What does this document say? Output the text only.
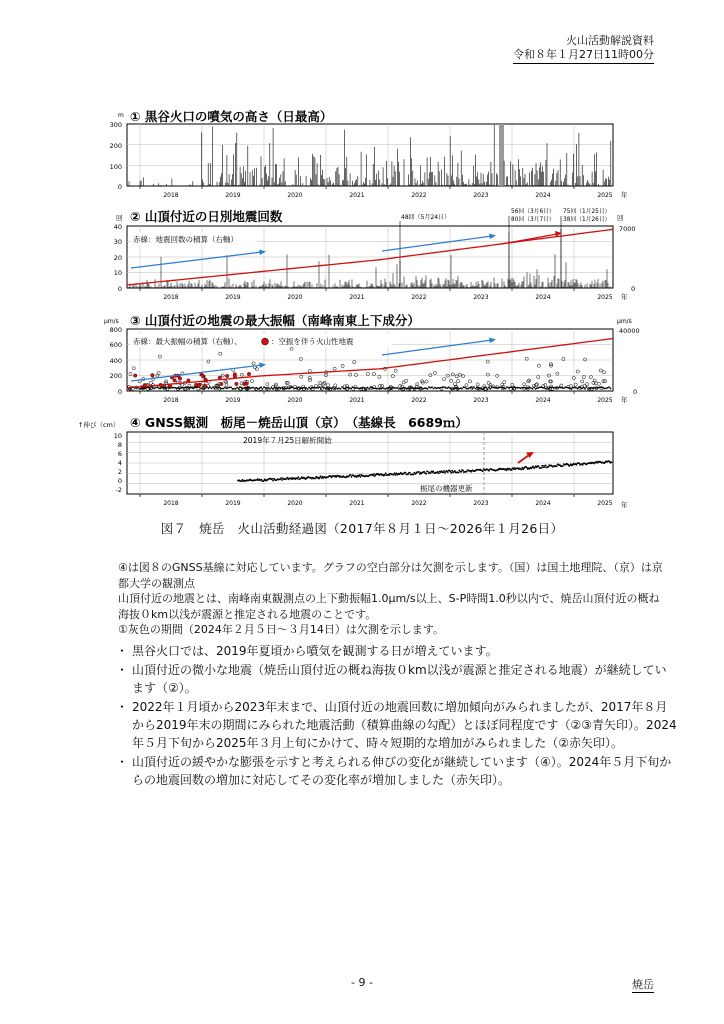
火山活動解説資料
令和８年１月27日11時00分
m ① 黒谷火口の噴気の高さ（日最高）
300
200
100
0
2018	2019	2020	2021	2022	2023	2024	2025 年
回 ② 山頂付近の日別地震回数	回
48回（5月24日）
56回（3月6日）
80回（3月7日）
75回（1月25日）
38回（1月26日）
赤線：地震回数の積算（右軸）
40
30
20
10
0
7000
0
2018	2019	2020	2021	2022	2023	2024	2025 年
μm/s ③ 山頂付近の地震の最大振幅（南峰南東上下成分）	μm/s
赤線：最大振幅の積算（右軸）、	：空振を伴う火山性地震
800
600
400
200
0
40000
0
2018	2019	2020	2021	2022	2023	2024	2025 年
↑伸び（cm） ④ GNSS観測　栃尾－焼岳山頂（京）　（基線長　6689ｍ）
2019年７月25日解析開始
栃尾の機器更新
10
8
6
4
2
0
-2
2018	2019	2020	2021	2022	2023	2024	2025 年
図７　焼岳　火山活動経過図（2017年８月１日～2026年１月26日）

④は図８のGNSS基線に対応しています。グラフの空白部分は欠測を示します。（国）は国土地理院、（京）は京都大学の観測点

山頂付近の地震とは、南峰南東観測点の上下動振幅1.0μm/s以上、S-P時間1.0秒以内で、焼岳山頂付近の概ね海抜０km以浅が震源と推定される地震のことです。

①灰色の期間（2024年２月５日～３月14日）は欠測を示します。

・ 黒谷火口では、2019年夏頃から噴気を観測する日が増えています。
・ 山頂付近の微小な地震（焼岳山頂付近の概ね海抜０km以浅が震源と推定される地震）が継続しています（②）。
・ 2022年１月頃から2023年末まで、山頂付近の地震回数に増加傾向がみられましたが、2017年８月から2019年末の期間にみられた地震活動（積算曲線の勾配）とほぼ同程度です（②③青矢印）。2024年５月下旬から2025年３月上旬にかけて、時々短期的な増加がみられました（②赤矢印）。
・ 山頂付近の緩やかな膨張を示すと考えられる伸びの変化が継続しています（④）。2024年５月下旬からの地震回数の増加に対応してその変化率が増加しました（赤矢印）。
- 9 -	焼岳
